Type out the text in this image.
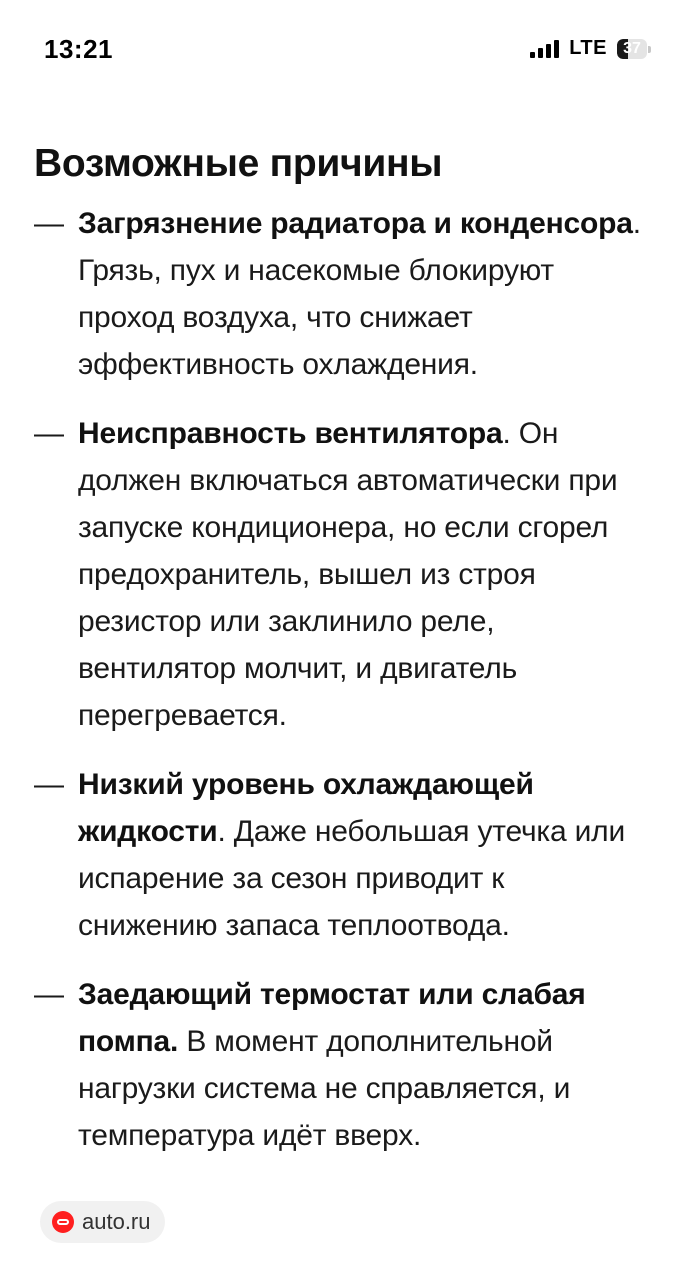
13:21	LTE	37
Возможные причины
— Загрязнение радиатора и конденсора. Грязь, пух и насекомые блокируют проход воздуха, что снижает эффективность охлаждения.
— Неисправность вентилятора. Он должен включаться автоматически при запуске кондиционера, но если сгорел предохранитель, вышел из строя резистор или заклинило реле, вентилятор молчит, и двигатель перегревается.
— Низкий уровень охлаждающей жидкости. Даже небольшая утечка или испарение за сезон приводит к снижению запаса теплоотвода.
— Заедающий термостат или слабая помпа. В момент дополнительной нагрузки система не справляется, и температура идёт вверх.
auto.ru
